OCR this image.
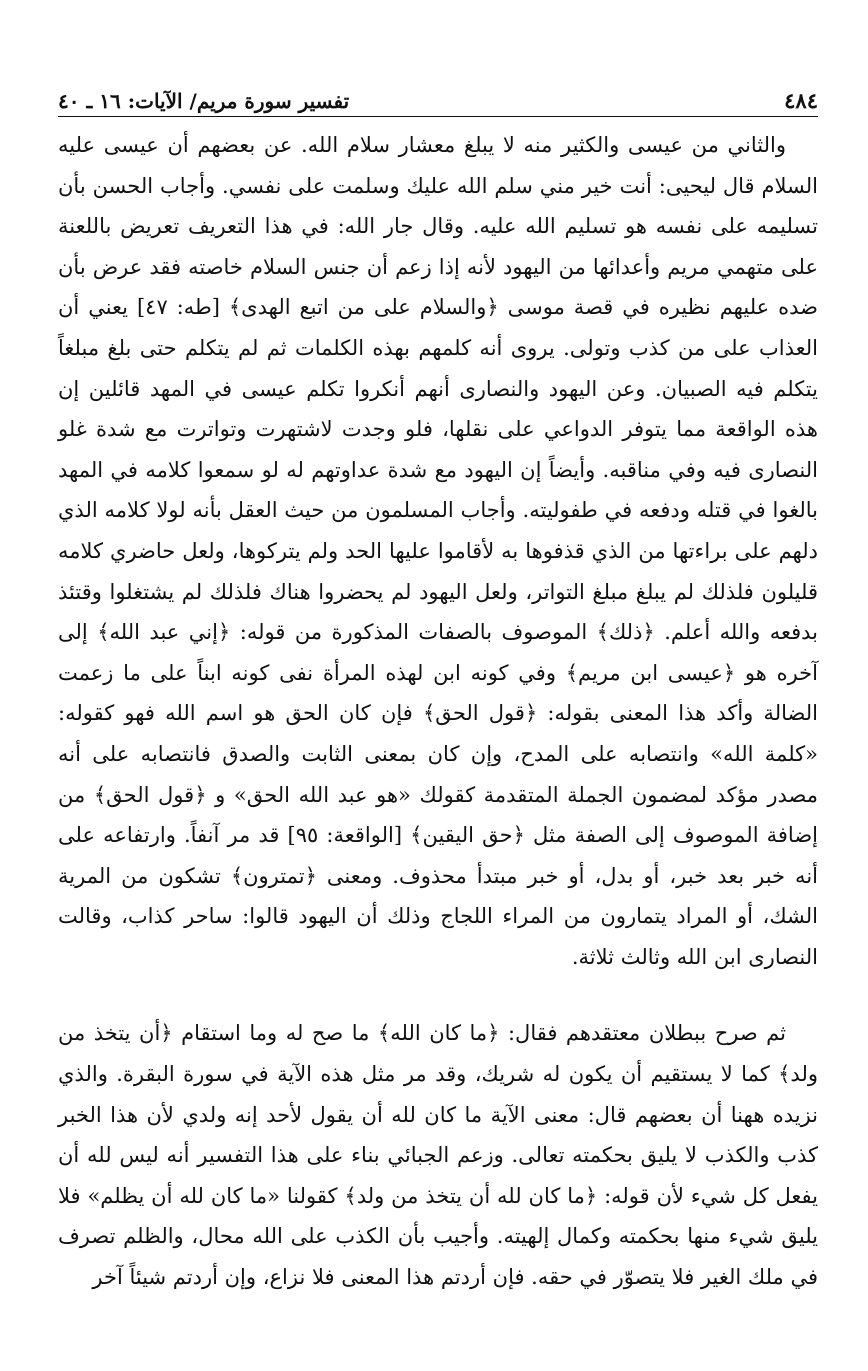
٤٨٤
تفسير سورة مريم/ الآيات: ١٦ ـ ٤٠

والثاني من عيسى والكثير منه لا يبلغ معشار سلام الله. عن بعضهم أن عيسى عليه السلام قال ليحيى: أنت خير مني سلم الله عليك وسلمت على نفسي. وأجاب الحسن بأن تسليمه على نفسه هو تسليم الله عليه. وقال جار الله: في هذا التعريف تعريض باللعنة على متهمي مريم وأعدائها من اليهود لأنه إذا زعم أن جنس السلام خاصته فقد عرض بأن ضده عليهم نظيره في قصة موسى ﴿والسلام على من اتبع الهدى﴾ [طه: ٤٧] يعني أن العذاب على من كذب وتولى. يروى أنه كلمهم بهذه الكلمات ثم لم يتكلم حتى بلغ مبلغاً يتكلم فيه الصبيان. وعن اليهود والنصارى أنهم أنكروا تكلم عيسى في المهد قائلين إن هذه الواقعة مما يتوفر الدواعي على نقلها، فلو وجدت لاشتهرت وتواترت مع شدة غلو النصارى فيه وفي مناقبه. وأيضاً إن اليهود مع شدة عداوتهم له لو سمعوا كلامه في المهد بالغوا في قتله ودفعه في طفوليته. وأجاب المسلمون من حيث العقل بأنه لولا كلامه الذي دلهم على براءتها من الذي قذفوها به لأقاموا عليها الحد ولم يتركوها، ولعل حاضري كلامه قليلون فلذلك لم يبلغ مبلغ التواتر، ولعل اليهود لم يحضروا هناك فلذلك لم يشتغلوا وقتئذ بدفعه والله أعلم. ﴿ذلك﴾ الموصوف بالصفات المذكورة من قوله: ﴿إني عبد الله﴾ إلى آخره هو ﴿عيسى ابن مريم﴾ وفي كونه ابن لهذه المرأة نفى كونه ابناً على ما زعمت الضالة وأكد هذا المعنى بقوله: ﴿قول الحق﴾ فإن كان الحق هو اسم الله فهو كقوله: «كلمة الله» وانتصابه على المدح، وإن كان بمعنى الثابت والصدق فانتصابه على أنه مصدر مؤكد لمضمون الجملة المتقدمة كقولك «هو عبد الله الحق» و ﴿قول الحق﴾ من إضافة الموصوف إلى الصفة مثل ﴿حق اليقين﴾ [الواقعة: ٩٥] قد مر آنفاً. وارتفاعه على أنه خبر بعد خبر، أو بدل، أو خبر مبتدأ محذوف. ومعنى ﴿تمترون﴾ تشكون من المرية الشك، أو المراد يتمارون من المراء اللجاج وذلك أن اليهود قالوا: ساحر كذاب، وقالت النصارى ابن الله وثالث ثلاثة.

ثم صرح ببطلان معتقدهم فقال: ﴿ما كان الله﴾ ما صح له وما استقام ﴿أن يتخذ من ولد﴾ كما لا يستقيم أن يكون له شريك، وقد مر مثل هذه الآية في سورة البقرة. والذي نزيده ههنا أن بعضهم قال: معنى الآية ما كان لله أن يقول لأحد إنه ولدي لأن هذا الخبر كذب والكذب لا يليق بحكمته تعالى. وزعم الجبائي بناء على هذا التفسير أنه ليس لله أن يفعل كل شيء لأن قوله: ﴿ما كان لله أن يتخذ من ولد﴾ كقولنا «ما كان لله أن يظلم» فلا يليق شيء منها بحكمته وكمال إلهيته. وأجيب بأن الكذب على الله محال، والظلم تصرف في ملك الغير فلا يتصوّر في حقه. فإن أردتم هذا المعنى فلا نزاع، وإن أردتم شيئاً آخر
